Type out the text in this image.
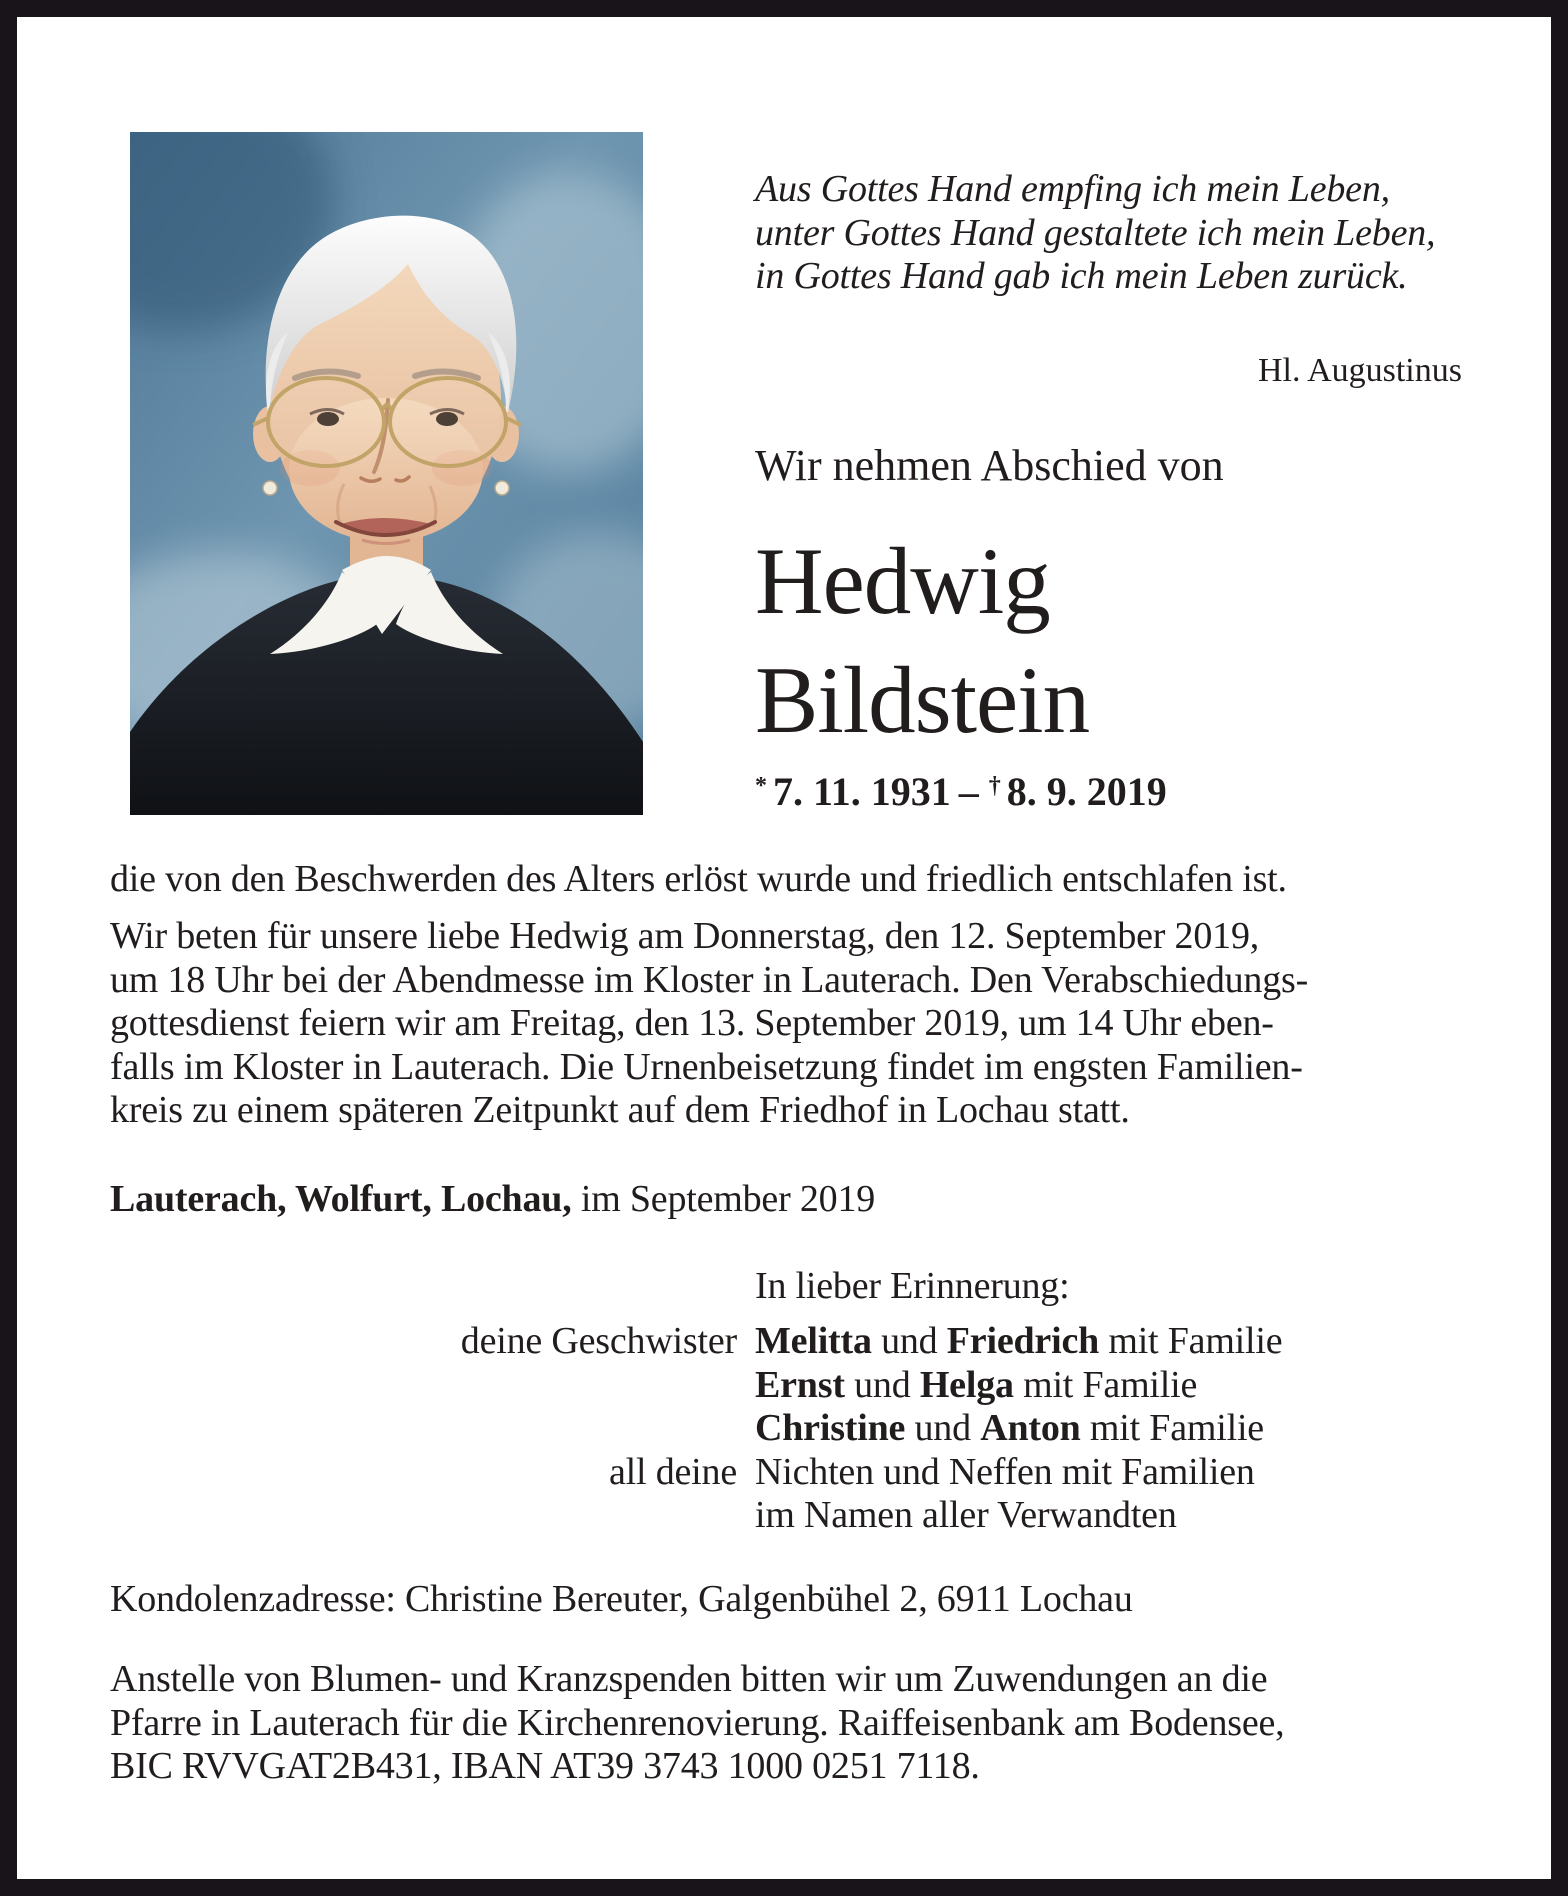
Aus Gottes Hand empfing ich mein Leben,
unter Gottes Hand gestaltete ich mein Leben,
in Gottes Hand gab ich mein Leben zurück.
Hl. Augustinus
Wir nehmen Abschied von
Hedwig
Bildstein
* 7. 11. 1931 – † 8. 9. 2019
die von den Beschwerden des Alters erlöst wurde und friedlich entschlafen ist.
Wir beten für unsere liebe Hedwig am Donnerstag, den 12. September 2019,
um 18 Uhr bei der Abendmesse im Kloster in Lauterach. Den Verabschiedungs-
gottesdienst feiern wir am Freitag, den 13. September 2019, um 14 Uhr eben-
falls im Kloster in Lauterach. Die Urnenbeisetzung findet im engsten Familien-
kreis zu einem späteren Zeitpunkt auf dem Friedhof in Lochau statt.
Lauterach, Wolfurt, Lochau, im September 2019
In lieber Erinnerung:
deine Geschwister Melitta und Friedrich mit Familie
Ernst und Helga mit Familie
Christine und Anton mit Familie
all deine Nichten und Neffen mit Familien
im Namen aller Verwandten
Kondolenzadresse: Christine Bereuter, Galgenbühel 2, 6911 Lochau
Anstelle von Blumen- und Kranzspenden bitten wir um Zuwendungen an die
Pfarre in Lauterach für die Kirchenrenovierung. Raiffeisenbank am Bodensee,
BIC RVVGAT2B431, IBAN AT39 3743 1000 0251 7118.
